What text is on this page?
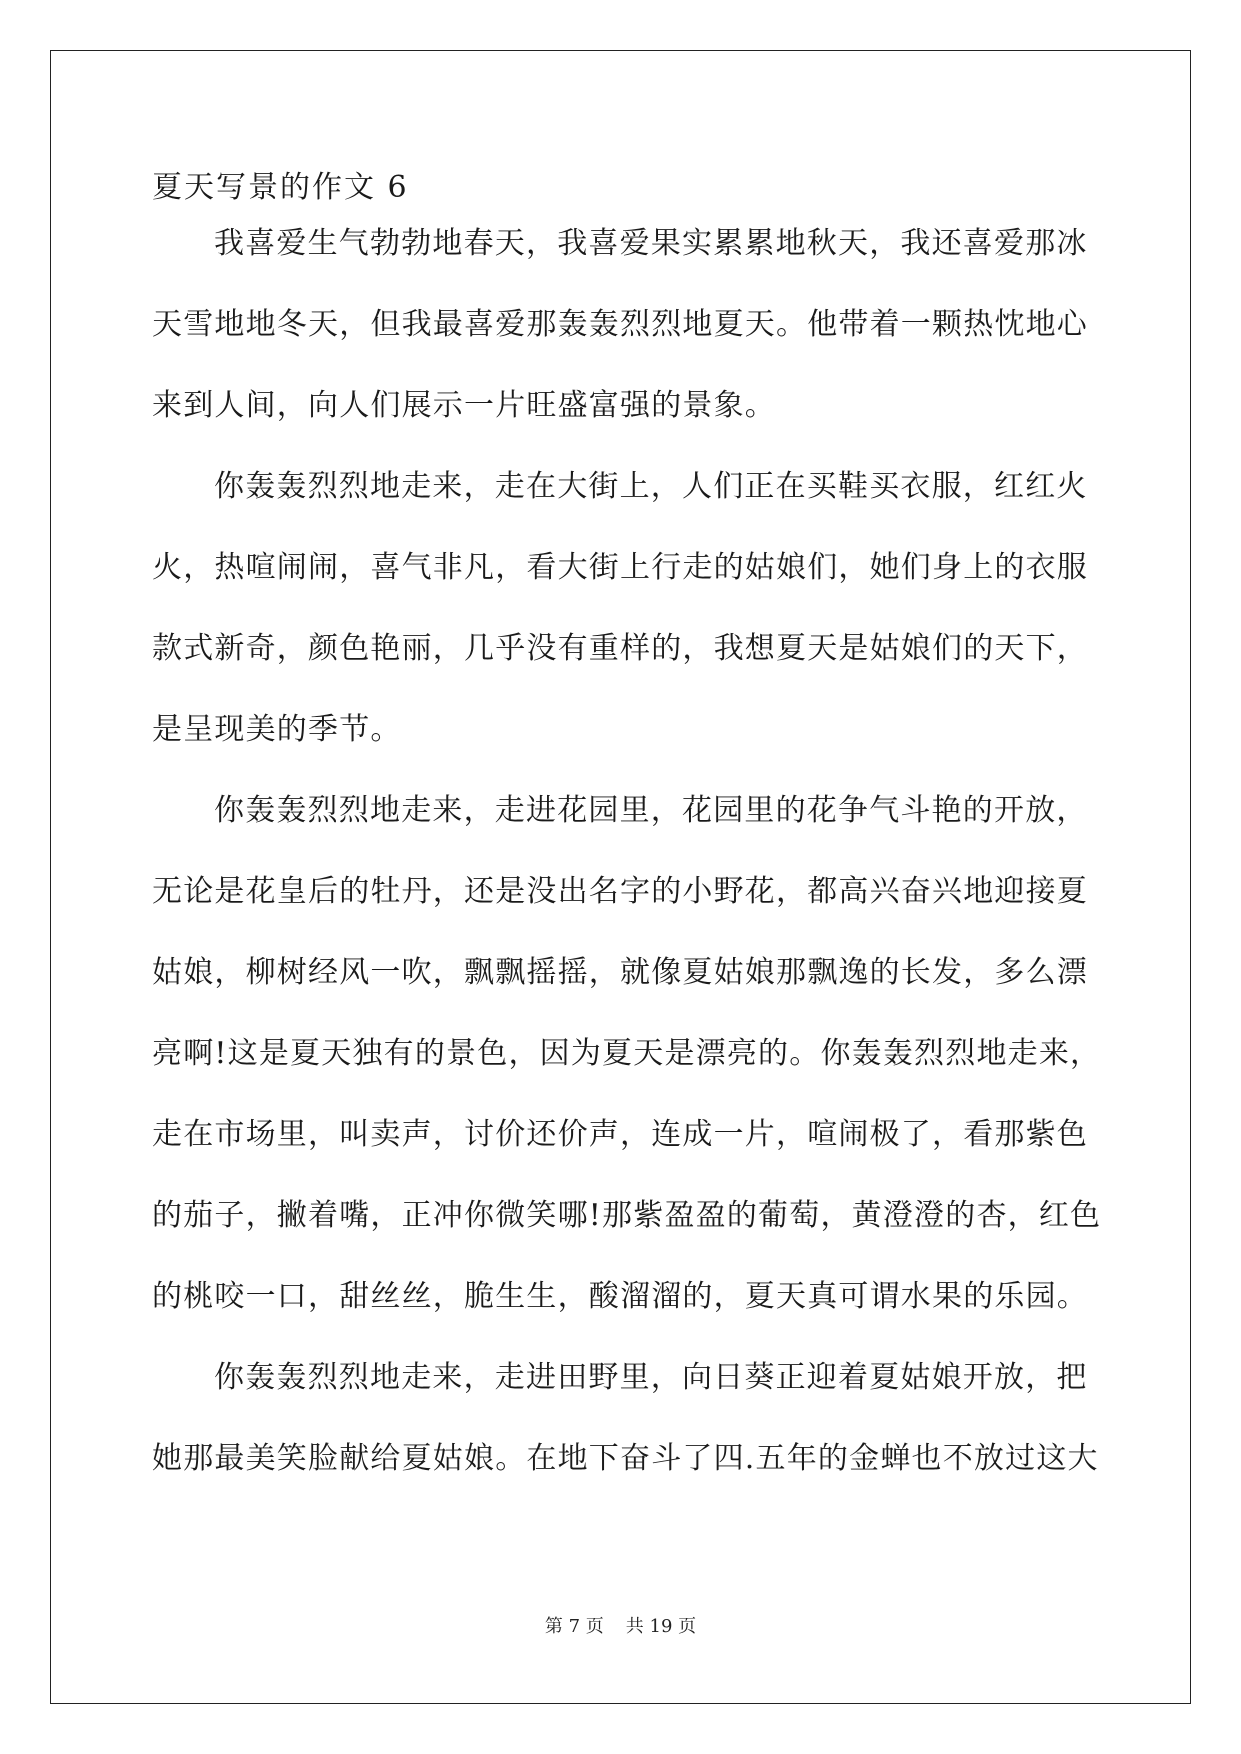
夏天写景的作文 6
我喜爱生气勃勃地春天，我喜爱果实累累地秋天，我还喜爱那冰
天雪地地冬天，但我最喜爱那轰轰烈烈地夏天。他带着一颗热忱地心
来到人间，向人们展示一片旺盛富强的景象。
你轰轰烈烈地走来，走在大街上，人们正在买鞋买衣服，红红火
火，热喧闹闹，喜气非凡，看大街上行走的姑娘们，她们身上的衣服
款式新奇，颜色艳丽，几乎没有重样的，我想夏天是姑娘们的天下，
是呈现美的季节。
你轰轰烈烈地走来，走进花园里，花园里的花争气斗艳的开放，
无论是花皇后的牡丹，还是没出名字的小野花，都高兴奋兴地迎接夏
姑娘，柳树经风一吹，飘飘摇摇，就像夏姑娘那飘逸的长发，多么漂
亮啊!这是夏天独有的景色，因为夏天是漂亮的。你轰轰烈烈地走来，
走在市场里，叫卖声，讨价还价声，连成一片，喧闹极了，看那紫色
的茄子，撇着嘴，正冲你微笑哪!那紫盈盈的葡萄，黄澄澄的杏，红色
的桃咬一口，甜丝丝，脆生生，酸溜溜的，夏天真可谓水果的乐园。
你轰轰烈烈地走来，走进田野里，向日葵正迎着夏姑娘开放，把
她那最美笑脸献给夏姑娘。在地下奋斗了四.五年的金蝉也不放过这大
第 7 页 共 19 页
